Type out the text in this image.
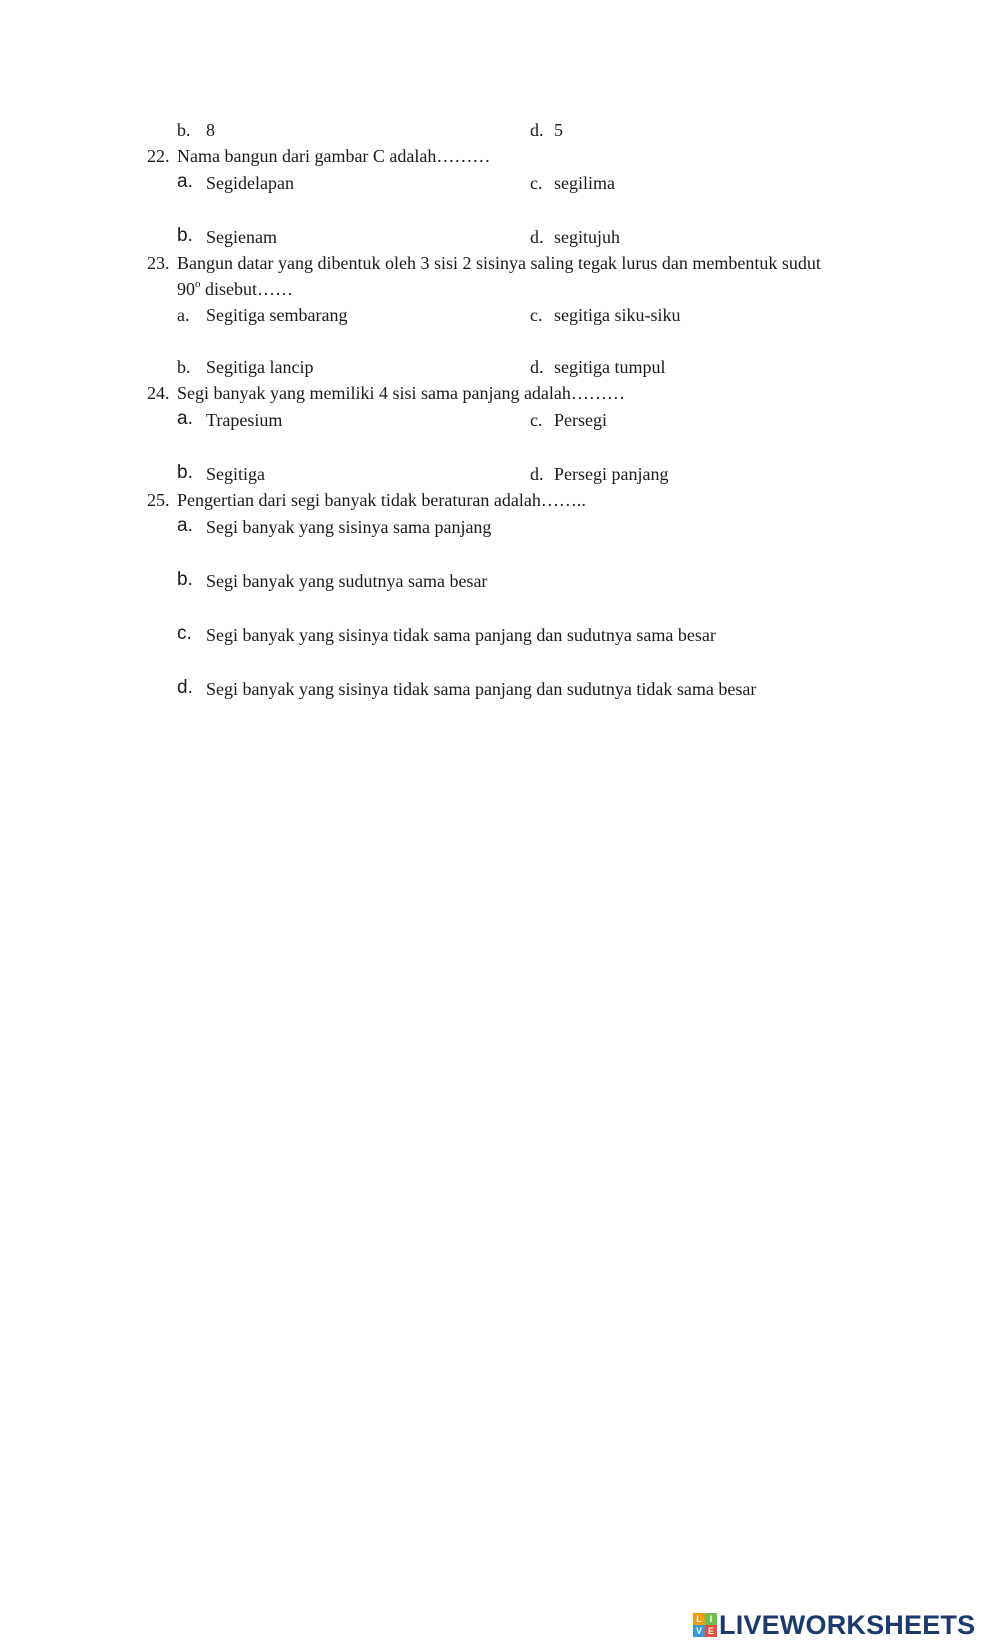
b. 8	d. 5
22. Nama bangun dari gambar C adalah………
a. Segidelapan	c. segilima
b. Segienam	d. segitujuh
23. Bangun datar yang dibentuk oleh 3 sisi 2 sisinya saling tegak lurus dan membentuk sudut
90$^o$ disebut……
a. Segitiga sembarang	c. segitiga siku-siku
b. Segitiga lancip	d. segitiga tumpul
24. Segi banyak yang memiliki 4 sisi sama panjang adalah………
a. Trapesium	c. Persegi
b. Segitiga	d. Persegi panjang
25. Pengertian dari segi banyak tidak beraturan adalah……..
a. Segi banyak yang sisinya sama panjang
b. Segi banyak yang sudutnya sama besar
c. Segi banyak yang sisinya tidak sama panjang dan sudutnya sama besar
d. Segi banyak yang sisinya tidak sama panjang dan sudutnya tidak sama besar
L I
V E LIVEWORKSHEETS
